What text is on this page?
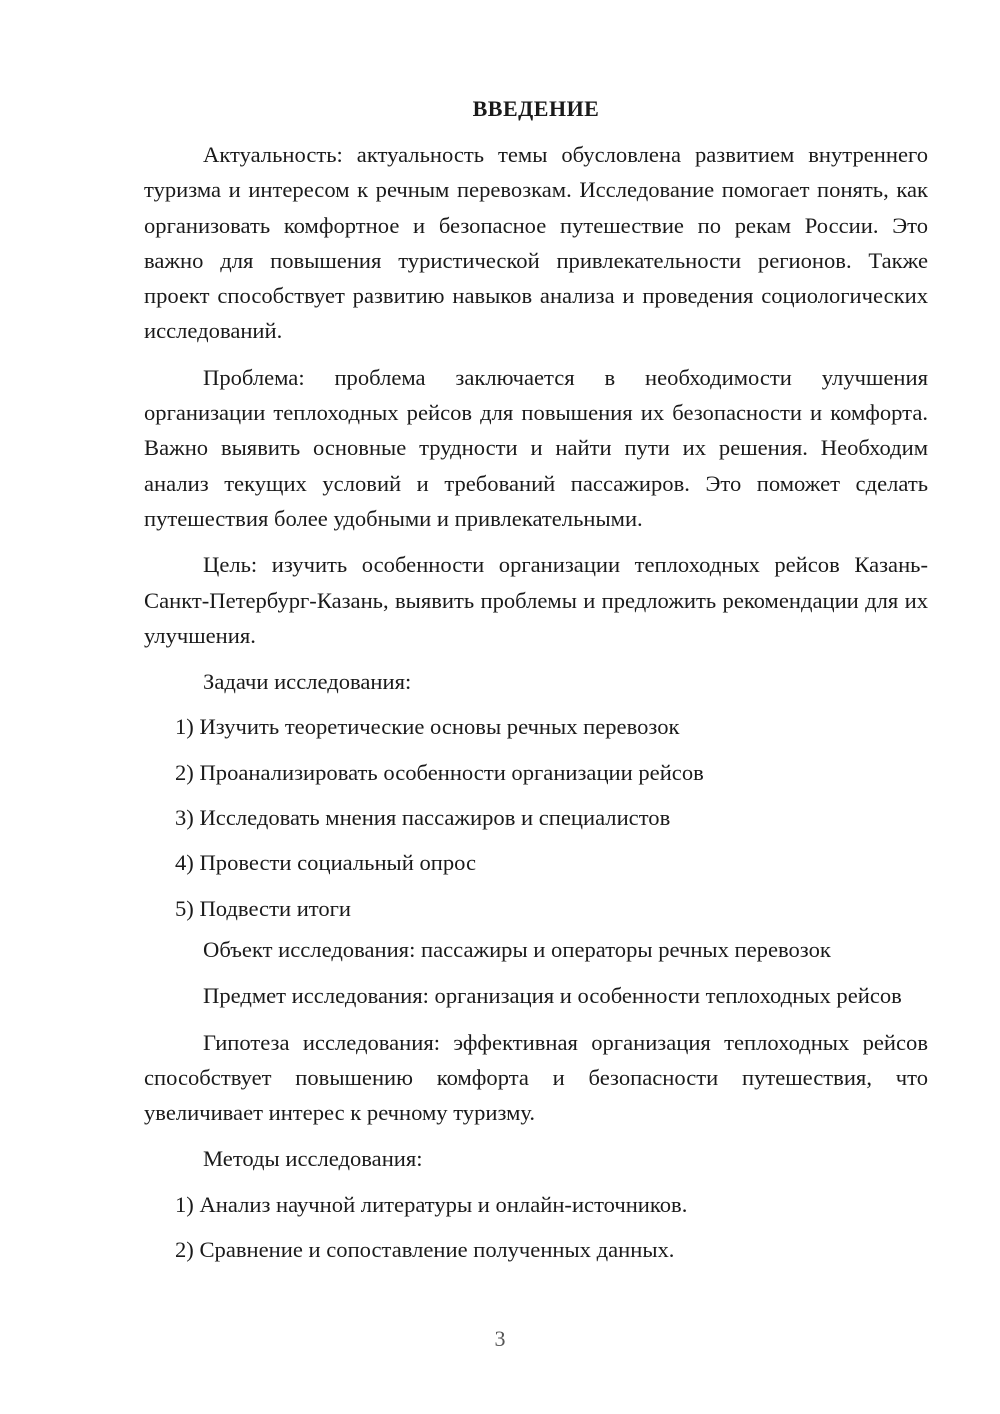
ВВЕДЕНИЕ

Актуальность: актуальность темы обусловлена развитием внутреннего туризма и интересом к речным перевозкам. Исследование помогает понять, как организовать комфортное и безопасное путешествие по рекам России. Это важно для повышения туристической привлекательности регионов. Также проект способствует развитию навыков анализа и проведения социологических исследований.

Проблема: проблема заключается в необходимости улучшения организации теплоходных рейсов для повышения их безопасности и комфорта. Важно выявить основные трудности и найти пути их решения. Необходим анализ текущих условий и требований пассажиров. Это поможет сделать путешествия более удобными и привлекательными.

Цель: изучить особенности организации теплоходных рейсов Казань-Санкт-Петербург-Казань, выявить проблемы и предложить рекомендации для их улучшения.

Задачи исследования:

1) Изучить теоретические основы речных перевозок

2) Проанализировать особенности организации рейсов

3) Исследовать мнения пассажиров и специалистов

4) Провести социальный опрос

5) Подвести итоги

Объект исследования: пассажиры и операторы речных перевозок

Предмет исследования: организация и особенности теплоходных рейсов

Гипотеза исследования: эффективная организация теплоходных рейсов способствует повышению комфорта и безопасности путешествия, что увеличивает интерес к речному туризму.

Методы исследования:

1) Анализ научной литературы и онлайн-источников.

2) Сравнение и сопоставление полученных данных.

3
